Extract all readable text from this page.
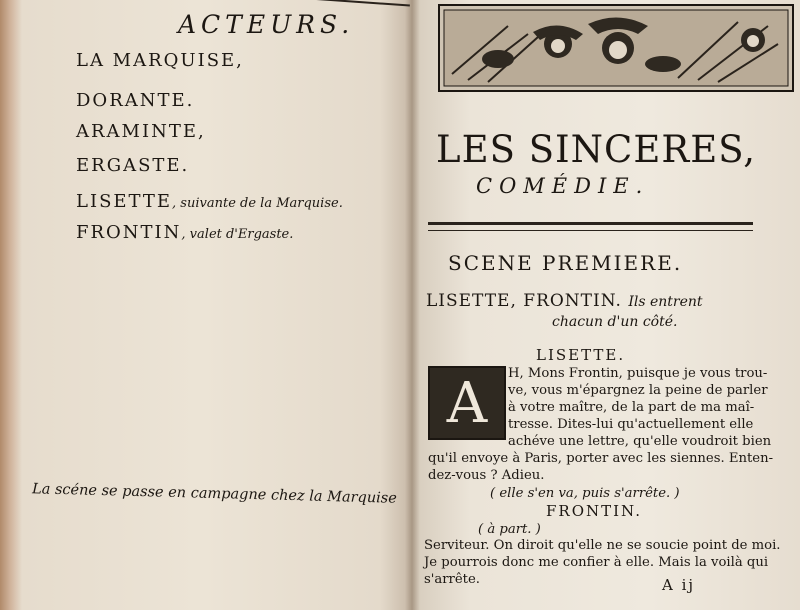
ACTEURS.
LA MARQUISE,
DORANTE.
ARAMINTE,
ERGASTE.
LISETTE, suivante de la Marquise.
FRONTIN, valet d'Ergaste.
La scéne se passe en campagne chez la Marquise
LES SINCERES,
COMÉDIE.
SCENE PREMIERE.
LISETTE, FRONTIN. Ils entrent
chacun d'un côté.
LISETTE.
A H, Mons Frontin, puisque je vous trou-
ve, vous m'épargnez la peine de parler
à votre maître, de la part de ma maî-
tresse. Dites-lui qu'actuellement elle
achéve une lettre, qu'elle voudroit bien
qu'il envoye à Paris, porter avec les siennes. Enten-
dez-vous ? Adieu.
( elle s'en va, puis s'arrête. )
FRONTIN.
( à part. )
Serviteur. On diroit qu'elle ne se soucie point de moi.
Je pourrois donc me confier à elle. Mais la voilà qui
s'arrête.	A ij
